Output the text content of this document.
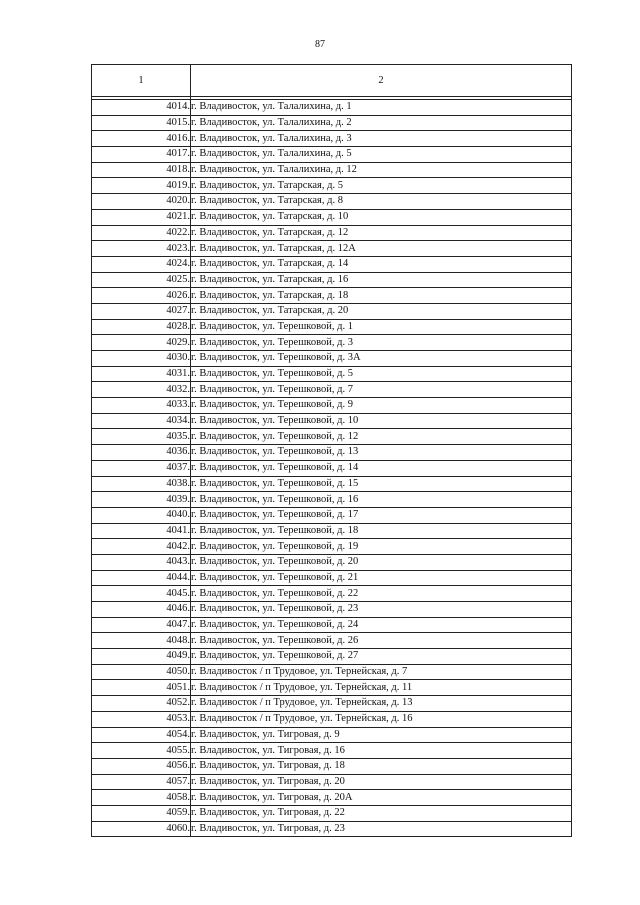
87
1	2

4014.	г. Владивосток, ул. Талалихина, д. 1
4015.	г. Владивосток, ул. Талалихина, д. 2
4016.	г. Владивосток, ул. Талалихина, д. 3
4017.	г. Владивосток, ул. Талалихина, д. 5
4018.	г. Владивосток, ул. Талалихина, д. 12
4019.	г. Владивосток, ул. Татарская, д. 5
4020.	г. Владивосток, ул. Татарская, д. 8
4021.	г. Владивосток, ул. Татарская, д. 10
4022.	г. Владивосток, ул. Татарская, д. 12
4023.	г. Владивосток, ул. Татарская, д. 12А
4024.	г. Владивосток, ул. Татарская, д. 14
4025.	г. Владивосток, ул. Татарская, д. 16
4026.	г. Владивосток, ул. Татарская, д. 18
4027.	г. Владивосток, ул. Татарская, д. 20
4028.	г. Владивосток, ул. Терешковой, д. 1
4029.	г. Владивосток, ул. Терешковой, д. 3
4030.	г. Владивосток, ул. Терешковой, д. 3А
4031.	г. Владивосток, ул. Терешковой, д. 5
4032.	г. Владивосток, ул. Терешковой, д. 7
4033.	г. Владивосток, ул. Терешковой, д. 9
4034.	г. Владивосток, ул. Терешковой, д. 10
4035.	г. Владивосток, ул. Терешковой, д. 12
4036.	г. Владивосток, ул. Терешковой, д. 13
4037.	г. Владивосток, ул. Терешковой, д. 14
4038.	г. Владивосток, ул. Терешковой, д. 15
4039.	г. Владивосток, ул. Терешковой, д. 16
4040.	г. Владивосток, ул. Терешковой, д. 17
4041.	г. Владивосток, ул. Терешковой, д. 18
4042.	г. Владивосток, ул. Терешковой, д. 19
4043.	г. Владивосток, ул. Терешковой, д. 20
4044.	г. Владивосток, ул. Терешковой, д. 21
4045.	г. Владивосток, ул. Терешковой, д. 22
4046.	г. Владивосток, ул. Терешковой, д. 23
4047.	г. Владивосток, ул. Терешковой, д. 24
4048.	г. Владивосток, ул. Терешковой, д. 26
4049.	г. Владивосток, ул. Терешковой, д. 27
4050.	г. Владивосток / п Трудовое, ул. Тернейская, д. 7
4051.	г. Владивосток / п Трудовое, ул. Тернейская, д. 11
4052.	г. Владивосток / п Трудовое, ул. Тернейская, д. 13
4053.	г. Владивосток / п Трудовое, ул. Тернейская, д. 16
4054.	г. Владивосток, ул. Тигровая, д. 9
4055.	г. Владивосток, ул. Тигровая, д. 16
4056.	г. Владивосток, ул. Тигровая, д. 18
4057.	г. Владивосток, ул. Тигровая, д. 20
4058.	г. Владивосток, ул. Тигровая, д. 20А
4059.	г. Владивосток, ул. Тигровая, д. 22
4060.	г. Владивосток, ул. Тигровая, д. 23
